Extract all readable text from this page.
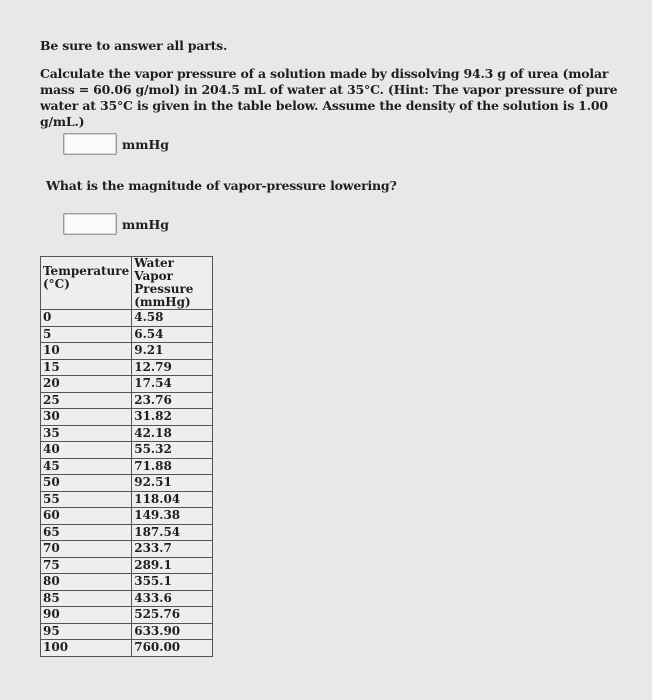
Be sure to answer all parts.
Calculate the vapor pressure of a solution made by dissolving 94.3 g of urea (molar mass = 60.06 g/mol) in 204.5 mL of water at 35°C. (Hint: The vapor pressure of pure water at 35°C is given in the table below. Assume the density of the solution is 1.00 g/mL.)
mmHg
What is the magnitude of vapor-pressure lowering?
mmHg
Temperature (°C)	Water Vapor Pressure (mmHg)
0	4.58
5	6.54
10	9.21
15	12.79
20	17.54
25	23.76
30	31.82
35	42.18
40	55.32
45	71.88
50	92.51
55	118.04
60	149.38
65	187.54
70	233.7
75	289.1
80	355.1
85	433.6
90	525.76
95	633.90
100	760.00
